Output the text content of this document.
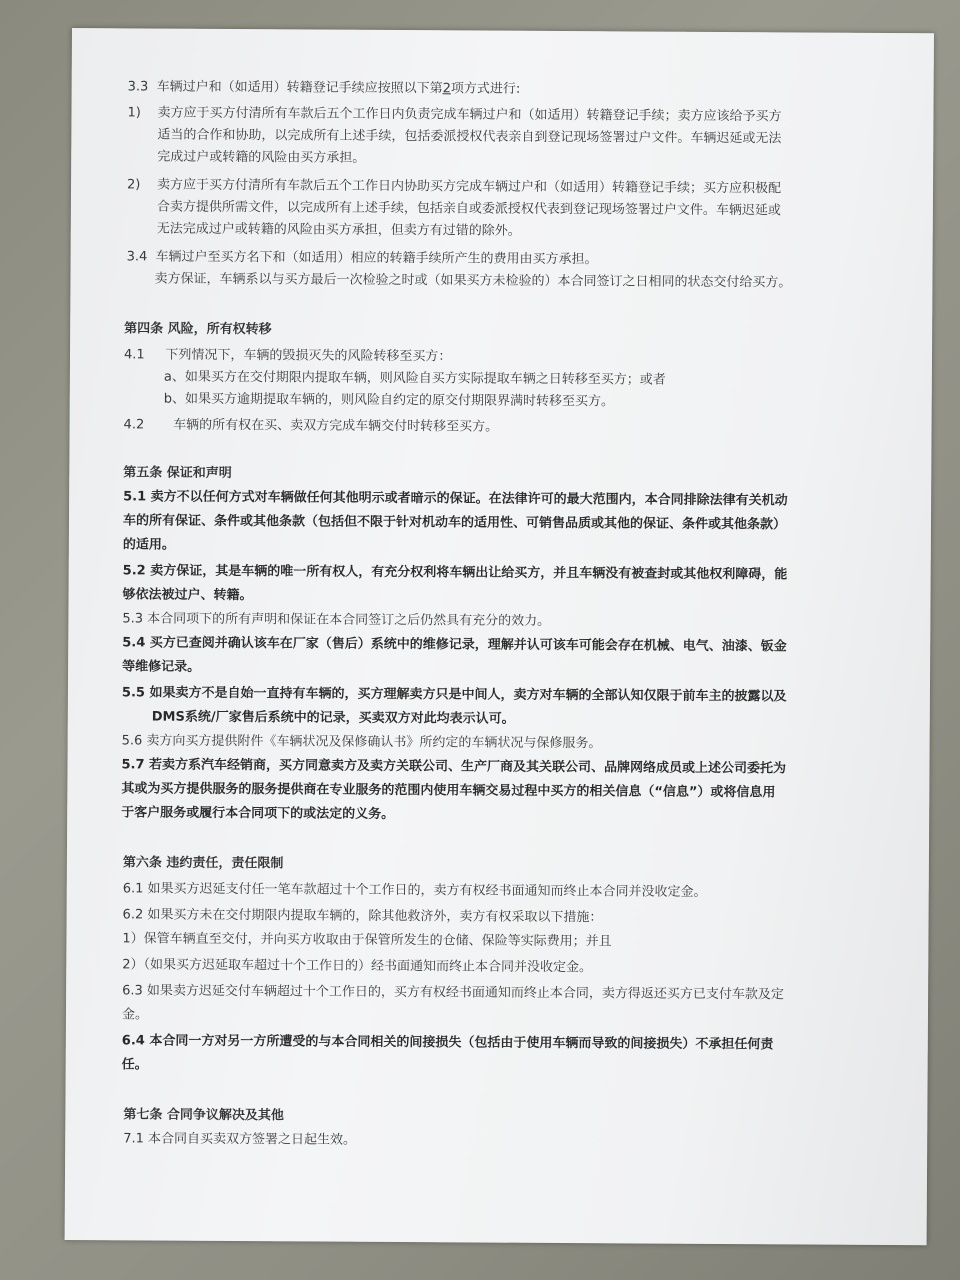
3.3 车辆过户和（如适用）转籍登记手续应按照以下第2项方式进行:
1) 卖方应于买方付清所有车款后五个工作日内负责完成车辆过户和（如适用）转籍登记手续；卖方应该给予买方
适当的合作和协助，以完成所有上述手续，包括委派授权代表亲自到登记现场签署过户文件。车辆迟延或无法
完成过户或转籍的风险由买方承担。
2) 卖方应于买方付清所有车款后五个工作日内协助买方完成车辆过户和（如适用）转籍登记手续；买方应积极配
合卖方提供所需文件，以完成所有上述手续，包括亲自或委派授权代表到登记现场签署过户文件。车辆迟延或
无法完成过户或转籍的风险由买方承担，但卖方有过错的除外。
3.4 车辆过户至买方名下和（如适用）相应的转籍手续所产生的费用由买方承担。
卖方保证，车辆系以与买方最后一次检验之时或（如果买方未检验的）本合同签订之日相同的状态交付给买方。
第四条 风险，所有权转移
4.1 下列情况下，车辆的毁损灭失的风险转移至买方：
a、如果买方在交付期限内提取车辆，则风险自买方实际提取车辆之日转移至买方；或者
b、如果买方逾期提取车辆的，则风险自约定的原交付期限界满时转移至买方。
4.2 车辆的所有权在买、卖双方完成车辆交付时转移至买方。
第五条 保证和声明
5.1 卖方不以任何方式对车辆做任何其他明示或者暗示的保证。在法律许可的最大范围内，本合同排除法律有关机动
车的所有保证、条件或其他条款（包括但不限于针对机动车的适用性、可销售品质或其他的保证、条件或其他条款）
的适用。
5.2 卖方保证，其是车辆的唯一所有权人，有充分权利将车辆出让给买方，并且车辆没有被查封或其他权利障碍，能
够依法被过户、转籍。
5.3 本合同项下的所有声明和保证在本合同签订之后仍然具有充分的效力。
5.4 买方已查阅并确认该车在厂家（售后）系统中的维修记录，理解并认可该车可能会存在机械、电气、油漆、钣金
等维修记录。
5.5 如果卖方不是自始一直持有车辆的，买方理解卖方只是中间人，卖方对车辆的全部认知仅限于前车主的披露以及
DMS系统/厂家售后系统中的记录，买卖双方对此均表示认可。
5.6 卖方向买方提供附件《车辆状况及保修确认书》所约定的车辆状况与保修服务。
5.7 若卖方系汽车经销商，买方同意卖方及卖方关联公司、生产厂商及其关联公司、品牌网络成员或上述公司委托为
其或为买方提供服务的服务提供商在专业服务的范围内使用车辆交易过程中买方的相关信息（“信息”）或将信息用
于客户服务或履行本合同项下的或法定的义务。
第六条 违约责任，责任限制
6.1 如果买方迟延支付任一笔车款超过十个工作日的，卖方有权经书面通知而终止本合同并没收定金。
6.2 如果买方未在交付期限内提取车辆的，除其他救济外，卖方有权采取以下措施：
1）保管车辆直至交付，并向买方收取由于保管所发生的仓储、保险等实际费用；并且
2）（如果买方迟延取车超过十个工作日的）经书面通知而终止本合同并没收定金。
6.3 如果卖方迟延交付车辆超过十个工作日的，买方有权经书面通知而终止本合同，卖方得返还买方已支付车款及定
金。
6.4 本合同一方对另一方所遭受的与本合同相关的间接损失（包括由于使用车辆而导致的间接损失）不承担任何责
任。
第七条 合同争议解决及其他
7.1 本合同自买卖双方签署之日起生效。
